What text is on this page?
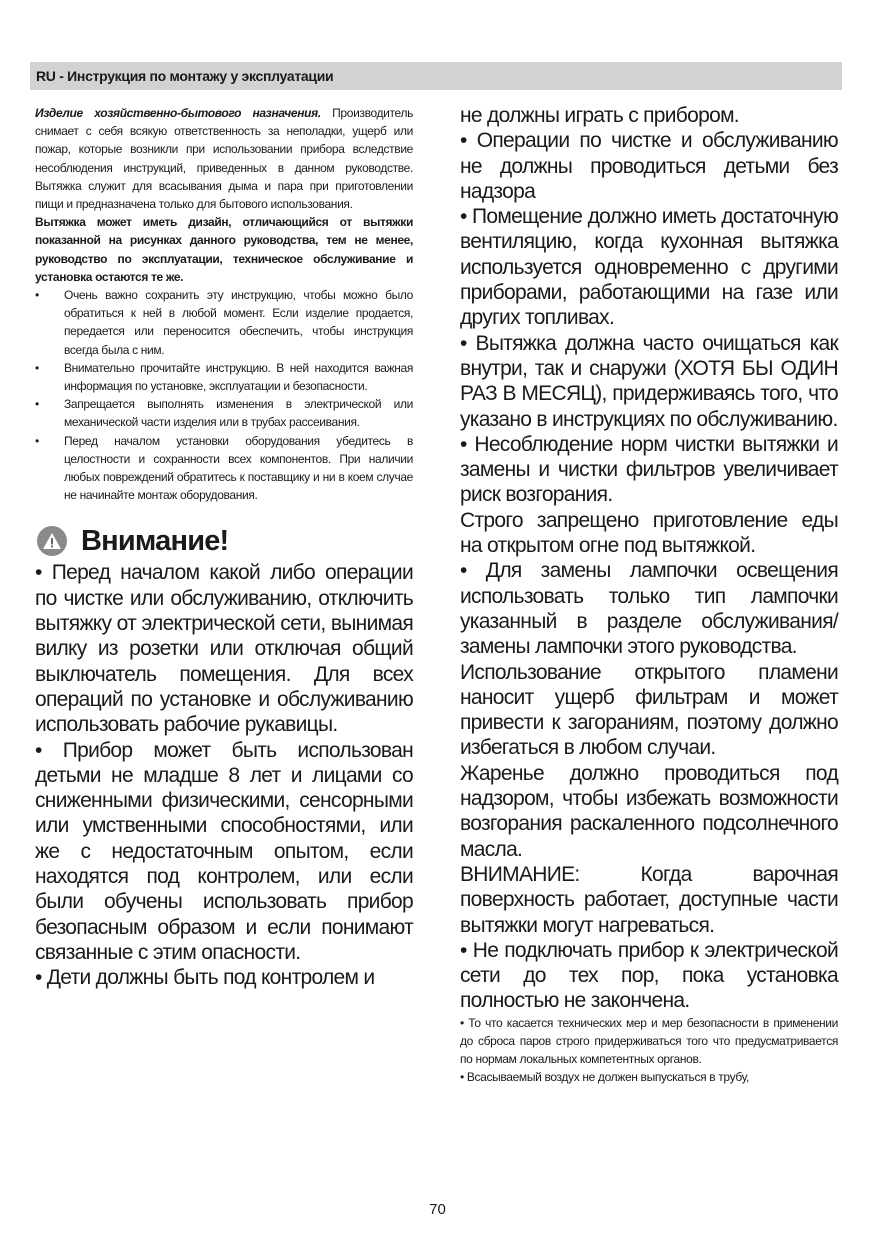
RU - Инструкция по монтажу у эксплуатации

Изделие хозяйственно-бытового назначения. Производитель снимает с себя всякую ответственность за неполадки, ущерб или пожар, которые возникли при использовании прибора вследствие несоблюдения инструкций, приведенных в данном руководстве. Вытяжка служит для всасывания дыма и пара при приготовлении пищи и предназначена только для бытового использования.

Вытяжка может иметь дизайн, отличающийся от вытяжки показанной на рисунках данного руководства, тем не менее, руководство по эксплуатации, техническое обслуживание и установка остаются те же.

• Очень важно сохранить эту инструкцию, чтобы можно было обратиться к ней в любой момент. Если изделие продается, передается или переносится обеспечить, чтобы инструкция всегда была с ним.
• Внимательно прочитайте инструкцию. В ней находится важная информация по установке, эксплуатации и безопасности.
• Запрещается выполнять изменения в электрической или механической части изделия или в трубах рассеивания.
• Перед началом установки оборудования убедитесь в целостности и сохранности всех компонентов. При наличии любых повреждений обратитесь к поставщику и ни в коем случае не начинайте монтаж оборудования.
Внимание!

• Перед началом какой либо операции по чистке или обслуживанию, отключить вытяжку от электрической сети, вынимая вилку из розетки или отключая общий выключатель помещения. Для всех операций по установке и обслуживанию использовать рабочие рукавицы.

• Прибор может быть использован детьми не младше 8 лет и лицами со сниженными физическими, сенсорными или умственными способностями, или же с недостаточным опытом, если находятся под контролем, или если были обучены использовать прибор безопасным образом и если понимают связанные с этим опасности.

• Дети должны быть под контролем и

не должны играть с прибором.

• Операции по чистке и обслуживанию не должны проводиться детьми без надзора

• Помещение должно иметь достаточную вентиляцию, когда кухонная вытяжка используется одновременно с другими приборами, работающими на газе или других топливах.

• Вытяжка должна часто очищаться как внутри, так и снаружи (ХОТЯ БЫ ОДИН РАЗ В МЕСЯЦ), придерживаясь того, что указано в инструкциях по обслуживанию.

• Несоблюдение норм чистки вытяжки и замены и чистки фильтров увеличивает риск возгорания.

Строго запрещено приготовление еды на открытом огне под вытяжкой.

• Для замены лампочки освещения использовать только тип лампочки указанный в разделе обслуживания/замены лампочки этого руководства.

Использование открытого пламени наносит ущерб фильтрам и может привести к загораниям, поэтому должно избегаться в любом случаи.

Жаренье должно проводиться под надзором, чтобы избежать возможности возгорания раскаленного подсолнечного масла.

ВНИМАНИЕ: Когда варочная поверхность работает, доступные части вытяжки могут нагреваться.

• Не подключать прибор к электрической сети до тех пор, пока установка полностью не закончена.

• То что касается технических мер и мер безопасности в применении до сброса паров строго придерживаться того что предусматривается по нормам локальных компетентных органов.

• Всасываемый воздух не должен выпускаться в трубу,

70
